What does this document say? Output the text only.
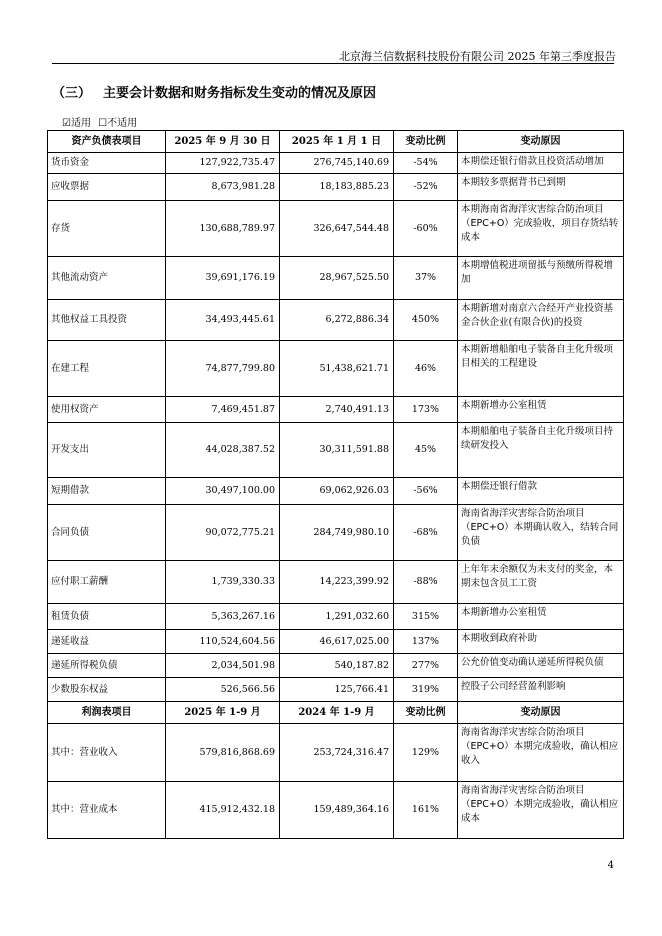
北京海兰信数据科技股份有限公司 2025 年第三季度报告
（三） 主要会计数据和财务指标发生变动的情况及原因
☑适用 ☐不适用
资产负债表项目	2025 年 9 月 30 日	2025 年 1 月 1 日	变动比例	变动原因
货币资金	127,922,735.47	276,745,140.69	-54%	本期偿还银行借款且投资活动增加
应收票据	8,673,981.28	18,183,885.23	-52%	本期较多票据背书已到期
存货	130,688,789.97	326,647,544.48	-60%	本期海南省海洋灾害综合防治项目（EPC+O）完成验收，项目存货结转成本
其他流动资产	39,691,176.19	28,967,525.50	37%	本期增值税进项留抵与预缴所得税增加
其他权益工具投资	34,493,445.61	6,272,886.34	450%	本期新增对南京六合经开产业投资基金合伙企业(有限合伙)的投资
在建工程	74,877,799.80	51,438,621.71	46%	本期新增船舶电子装备自主化升级项目相关的工程建设
使用权资产	7,469,451.87	2,740,491.13	173%	本期新增办公室租赁
开发支出	44,028,387.52	30,311,591.88	45%	本期船舶电子装备自主化升级项目持续研发投入
短期借款	30,497,100.00	69,062,926.03	-56%	本期偿还银行借款
合同负债	90,072,775.21	284,749,980.10	-68%	海南省海洋灾害综合防治项目（EPC+O）本期确认收入，结转合同负债
应付职工薪酬	1,739,330.33	14,223,399.92	-88%	上年年末余额仅为未支付的奖金，本期末包含员工工资
租赁负债	5,363,267.16	1,291,032.60	315%	本期新增办公室租赁
递延收益	110,524,604.56	46,617,025.00	137%	本期收到政府补助
递延所得税负债	2,034,501.98	540,187.82	277%	公允价值变动确认递延所得税负债
少数股东权益	526,566.56	125,766.41	319%	控股子公司经营盈利影响
利润表项目	2025 年 1-9 月	2024 年 1-9 月	变动比例	变动原因
其中：营业收入	579,816,868.69	253,724,316.47	129%	海南省海洋灾害综合防治项目（EPC+O）本期完成验收，确认相应收入
其中：营业成本	415,912,432.18	159,489,364.16	161%	海南省海洋灾害综合防治项目（EPC+O）本期完成验收，确认相应成本
4
